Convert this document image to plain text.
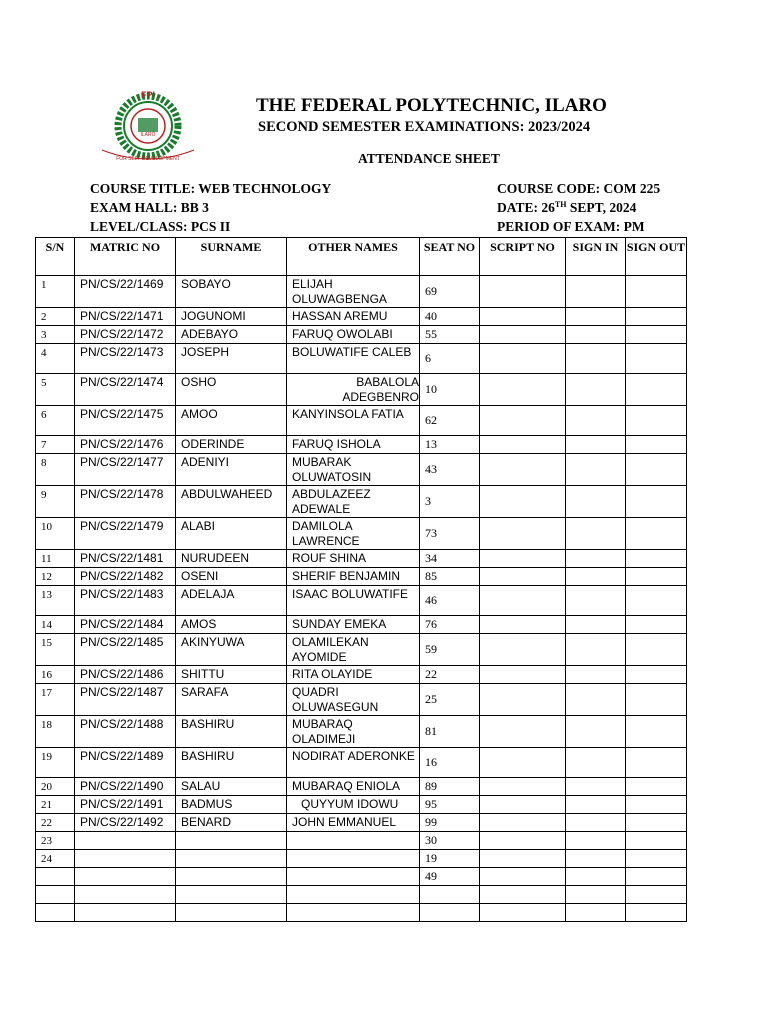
ILARO
FPI
FOR SELF DEVELOPMENT
THE FEDERAL POLYTECHNIC, ILARO
SECOND SEMESTER EXAMINATIONS: 2023/2024
ATTENDANCE SHEET
COURSE TITLE: WEB TECHNOLOGY
EXAM HALL: BB 3
LEVEL/CLASS: PCS II
COURSE CODE: COM 225
DATE: 26TH SEPT, 2024
PERIOD OF EXAM: PM
S/N	MATRIC NO	SURNAME	OTHER NAMES	SEAT NO	SCRIPT NO	SIGN IN	SIGN OUT
1	PN/CS/22/1469	SOBAYO	ELIJAH OLUWAGBENGA	69			
2	PN/CS/22/1471	JOGUNOMI	HASSAN AREMU	40			
3	PN/CS/22/1472	ADEBAYO	FARUQ OWOLABI	55			
4	PN/CS/22/1473	JOSEPH	BOLUWATIFE CALEB	6			
5	PN/CS/22/1474	OSHO	BABALOLA ADEGBENRO	10			
6	PN/CS/22/1475	AMOO	KANYINSOLA FATIA	62			
7	PN/CS/22/1476	ODERINDE	FARUQ ISHOLA	13			
8	PN/CS/22/1477	ADENIYI	MUBARAK OLUWATOSIN	43			
9	PN/CS/22/1478	ABDULWAHEED	ABDULAZEEZ ADEWALE	3			
10	PN/CS/22/1479	ALABI	DAMILOLA LAWRENCE	73			
11	PN/CS/22/1481	NURUDEEN	ROUF SHINA	34			
12	PN/CS/22/1482	OSENI	SHERIF BENJAMIN	85			
13	PN/CS/22/1483	ADELAJA	ISAAC BOLUWATIFE	46			
14	PN/CS/22/1484	AMOS	SUNDAY EMEKA	76			
15	PN/CS/22/1485	AKINYUWA	OLAMILEKAN AYOMIDE	59			
16	PN/CS/22/1486	SHITTU	RITA OLAYIDE	22			
17	PN/CS/22/1487	SARAFA	QUADRI OLUWASEGUN	25			
18	PN/CS/22/1488	BASHIRU	MUBARAQ OLADIMEJI	81			
19	PN/CS/22/1489	BASHIRU	NODIRAT ADERONKE	16			
20	PN/CS/22/1490	SALAU	MUBARAQ ENIOLA	89			
21	PN/CS/22/1491	BADMUS	QUYYUM IDOWU	95			
22	PN/CS/22/1492	BENARD	JOHN EMMANUEL	99			
23				30			
24				19			
				49			
